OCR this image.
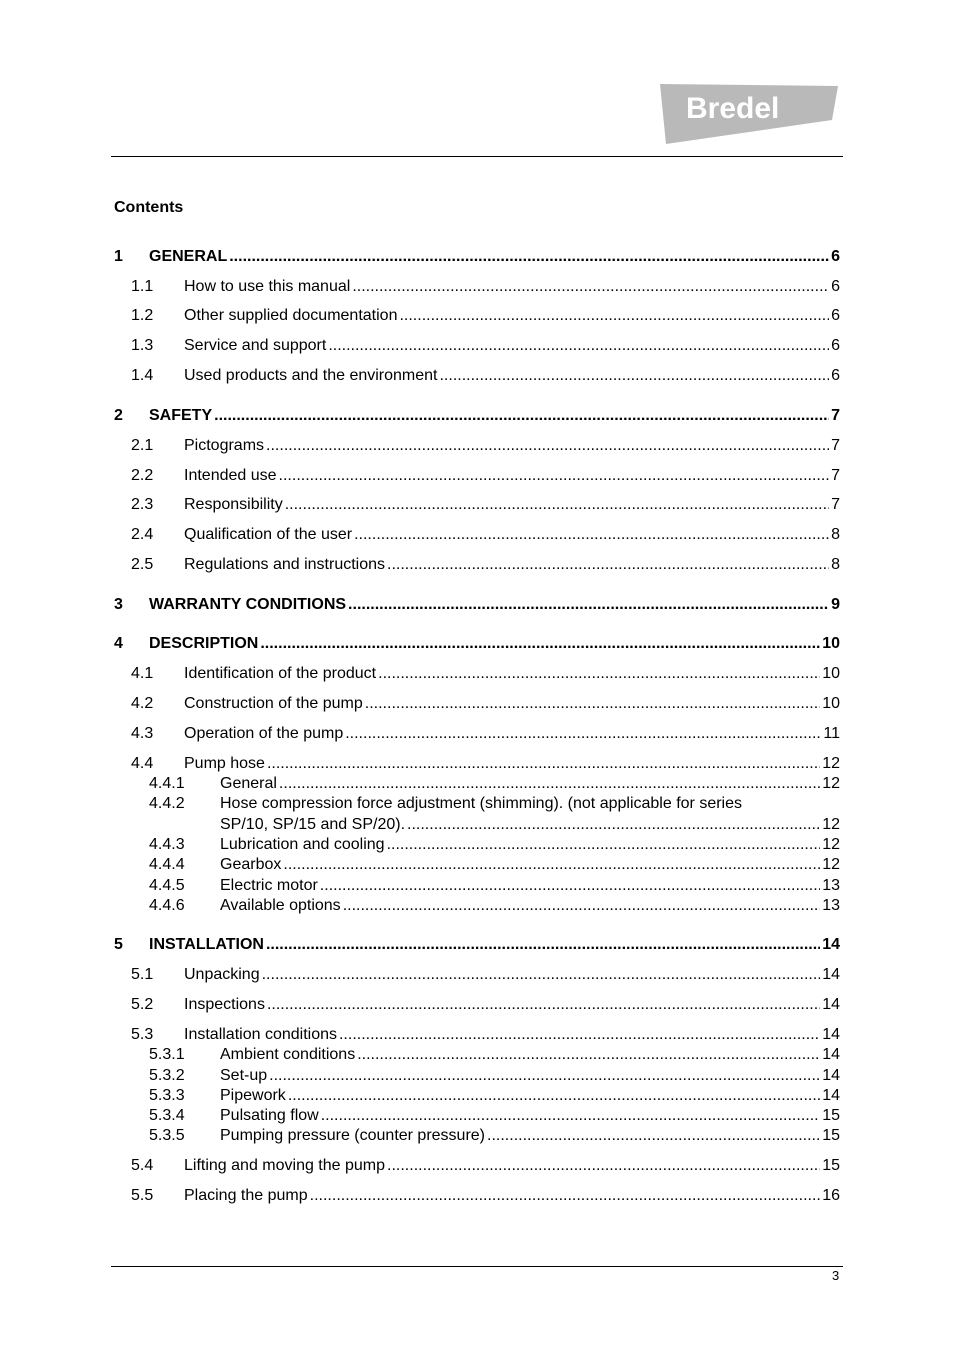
Bredel
Contents
1 GENERAL .....	6
1.1 How to use this manual .....	6
1.2 Other supplied documentation .....	6
1.3 Service and support .....	6
1.4 Used products and the environment .....	6
2 SAFETY .....	7
2.1 Pictograms .....	7
2.2 Intended use .....	7
2.3 Responsibility .....	7
2.4 Qualification of the user .....	8
2.5 Regulations and instructions .....	8
3 WARRANTY CONDITIONS .....	9
4 DESCRIPTION .....	10
4.1 Identification of the product .....	10
4.2 Construction of the pump .....	10
4.3 Operation of the pump .....	11
4.4 Pump hose .....	12
4.4.1 General .....	12
4.4.2 Hose compression force adjustment (shimming). (not applicable for series
SP/10, SP/15 and SP/20). .....	12
4.4.3 Lubrication and cooling .....	12
4.4.4 Gearbox .....	12
4.4.5 Electric motor .....	13
4.4.6 Available options .....	13
5 INSTALLATION .....	14
5.1 Unpacking .....	14
5.2 Inspections .....	14
5.3 Installation conditions .....	14
5.3.1 Ambient conditions .....	14
5.3.2 Set-up .....	14
5.3.3 Pipework .....	14
5.3.4 Pulsating flow .....	15
5.3.5 Pumping pressure (counter pressure) .....	15
5.4 Lifting and moving the pump .....	15
5.5 Placing the pump .....	16
3
